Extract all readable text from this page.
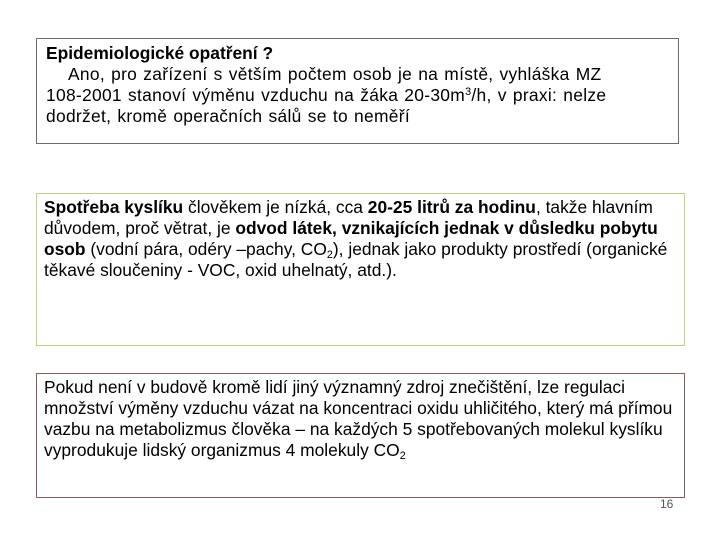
Epidemiologické opatření ?

Ano, pro zařízení s větším počtem osob je na místě, vyhláška MZ

108-2001 stanoví výměnu vzduchu na žáka $20-30m^3/h$, v praxi: nelze

dodržet, kromě operačních sálů se to neměří

Spotřeba kyslíku člověkem je nízká, cca 20-25 litrů za hodinu, takže hlavním důvodem, proč větrat, je odvod látek, vznikajících jednak v důsledku pobytu osob (vodní pára, odéry –pachy, $CO_2$), jednak jako produkty prostředí (organické těkavé sloučeniny - VOC, oxid uhelnatý, atd.).

Pokud není v budově kromě lidí jiný významný zdroj znečištění, lze regulaci množství výměny vzduchu vázat na koncentraci oxidu uhličitého, který má přímou vazbu na metabolizmus člověka – na každých 5 spotřebovaných molekul kyslíku vyprodukuje lidský organizmus 4 molekuly $CO_2$

16
